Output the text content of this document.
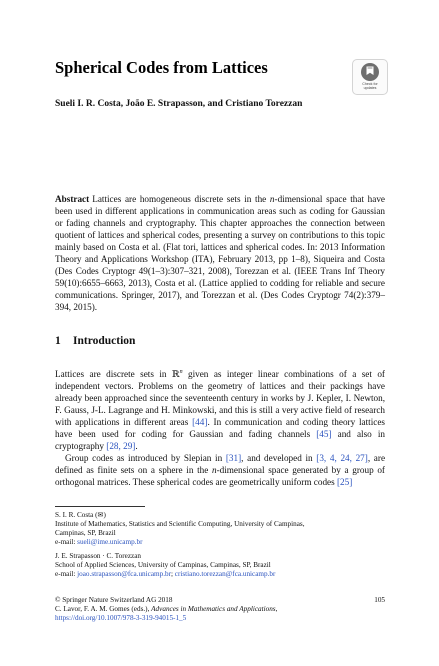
Spherical Codes from Lattices
Check for
updates

Sueli I. R. Costa, João E. Strapasson, and Cristiano Torezzan

Abstract Lattices are homogeneous discrete sets in the n-dimensional space that have been used in different applications in communication areas such as coding for Gaussian or fading channels and cryptography. This chapter approaches the connection between quotient of lattices and spherical codes, presenting a survey on contributions to this topic mainly based on Costa et al. (Flat tori, lattices and spherical codes. In: 2013 Information Theory and Applications Workshop (ITA), February 2013, pp 1–8), Siqueira and Costa (Des Codes Cryptogr 49(1–3):307–321, 2008), Torezzan et al. (IEEE Trans Inf Theory 59(10):6655–6663, 2013), Costa et al. (Lattice applied to codding for reliable and secure communications. Springer, 2017), and Torezzan et al. (Des Codes Cryptogr 74(2):379–394, 2015).

1 Introduction

Lattices are discrete sets in ℝ$^n$ given as integer linear combinations of a set of independent vectors. Problems on the geometry of lattices and their packings have already been approached since the seventeenth century in works by J. Kepler, I. Newton, F. Gauss, J-L. Lagrange and H. Minkowski, and this is still a very active field of research with applications in different areas [44]. In communication and coding theory lattices have been used for coding for Gaussian and fading channels [45] and also in cryptography [28, 29].

Group codes as introduced by Slepian in [31], and developed in [3, 4, 24, 27], are defined as finite sets on a sphere in the n-dimensional space generated by a group of orthogonal matrices. These spherical codes are geometrically uniform codes [25]

S. I. R. Costa (✉)
Institute of Mathematics, Statistics and Scientific Computing, University of Campinas,
Campinas, SP, Brazil
e-mail: sueli@ime.unicamp.br
J. E. Strapasson · C. Torezzan
School of Applied Sciences, University of Campinas, Campinas, SP, Brazil
e-mail: joao.strapasson@fca.unicamp.br; cristiano.torezzan@fca.unicamp.br
© Springer Nature Switzerland AG 2018	105
C. Lavor, F. A. M. Gomes (eds.), Advances in Mathematics and Applications,
https://doi.org/10.1007/978-3-319-94015-1_5
